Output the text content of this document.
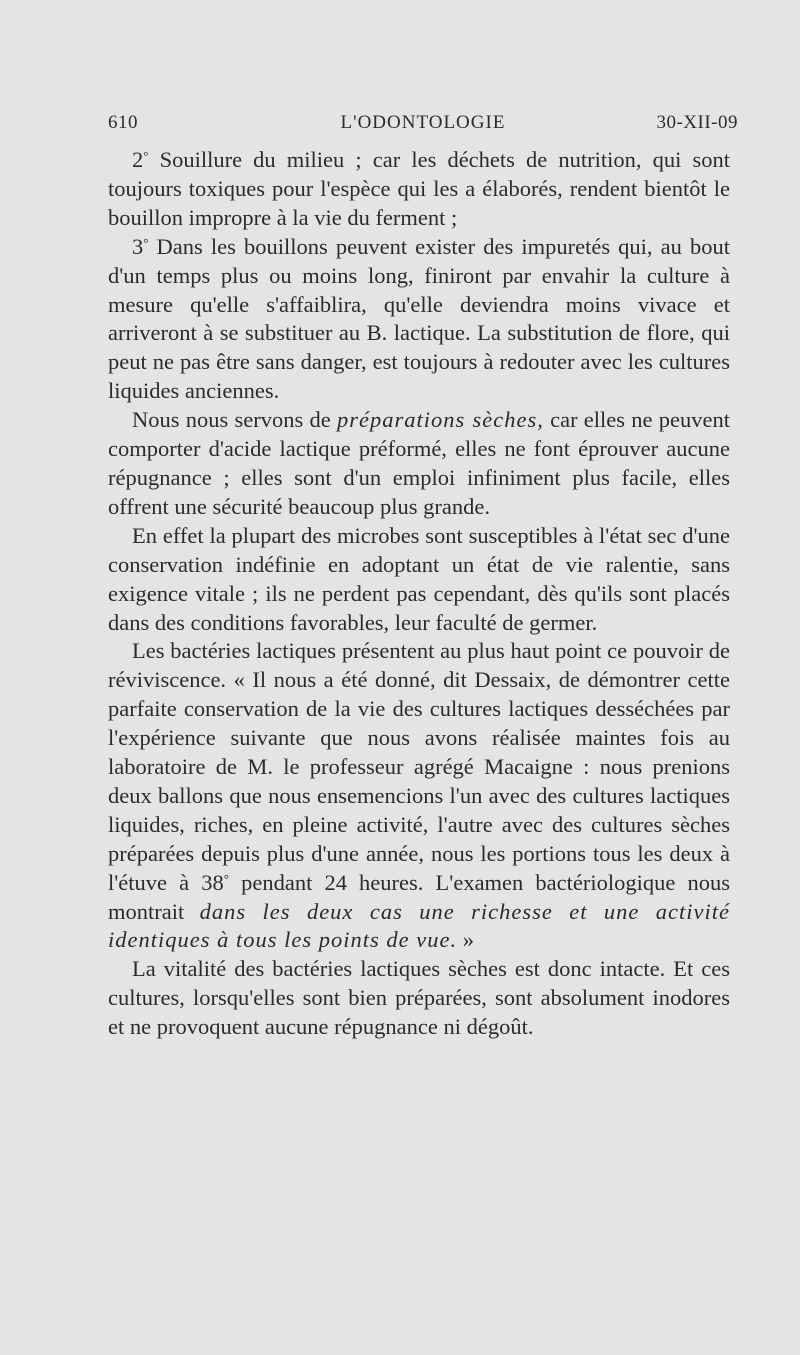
610	L'ODONTOLOGIE	30-XII-09

2° Souillure du milieu ; car les déchets de nutrition, qui sont toujours toxiques pour l'espèce qui les a élaborés, rendent bientôt le bouillon impropre à la vie du ferment ;

3° Dans les bouillons peuvent exister des impuretés qui, au bout d'un temps plus ou moins long, finiront par envahir la culture à mesure qu'elle s'affaiblira, qu'elle deviendra moins vivace et arriveront à se substituer au B. lactique. La substitution de flore, qui peut ne pas être sans danger, est toujours à redouter avec les cultures liquides anciennes.

Nous nous servons de préparations sèches, car elles ne peuvent comporter d'acide lactique préformé, elles ne font éprouver aucune répugnance ; elles sont d'un emploi infiniment plus facile, elles offrent une sécurité beaucoup plus grande.

En effet la plupart des microbes sont susceptibles à l'état sec d'une conservation indéfinie en adoptant un état de vie ralentie, sans exigence vitale ; ils ne perdent pas cependant, dès qu'ils sont placés dans des conditions favorables, leur faculté de germer.

Les bactéries lactiques présentent au plus haut point ce pouvoir de réviviscence. « Il nous a été donné, dit Dessaix, de démontrer cette parfaite conservation de la vie des cultures lactiques desséchées par l'expérience suivante que nous avons réalisée maintes fois au laboratoire de M. le professeur agrégé Macaigne : nous prenions deux ballons que nous ensemencions l'un avec des cultures lactiques liquides, riches, en pleine activité, l'autre avec des cultures sèches préparées depuis plus d'une année, nous les portions tous les deux à l'étuve à 38° pendant 24 heures. L'examen bactériologique nous montrait dans les deux cas une richesse et une activité identiques à tous les points de vue. »

La vitalité des bactéries lactiques sèches est donc intacte. Et ces cultures, lorsqu'elles sont bien préparées, sont absolument inodores et ne provoquent aucune répugnance ni dégoût.
